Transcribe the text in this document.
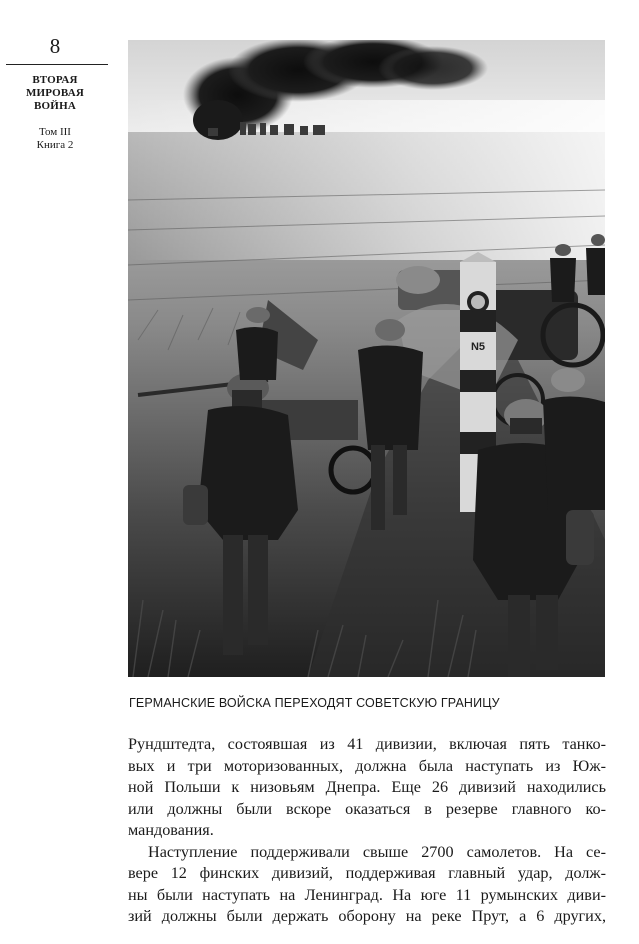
8
ВТОРАЯ
МИРОВАЯ
ВОЙНА
Том III
Книга 2
N5
ГЕРМАНСКИЕ ВОЙСКА ПЕРЕХОДЯТ СОВЕТСКУЮ ГРАНИЦУ
Рундштедта, состоявшая из 41 дивизии, включая пять танко-
вых и три моторизованных, должна была наступать из Юж-
ной Польши к низовьям Днепра. Еще 26 дивизий находились
или должны были вскоре оказаться в резерве главного ко-
мандования.
Наступление поддерживали свыше 2700 самолетов. На се-
вере 12 финских дивизий, поддерживая главный удар, долж-
ны были наступать на Ленинград. На юге 11 румынских диви-
зий должны были держать оборону на реке Прут, а 6 других,
